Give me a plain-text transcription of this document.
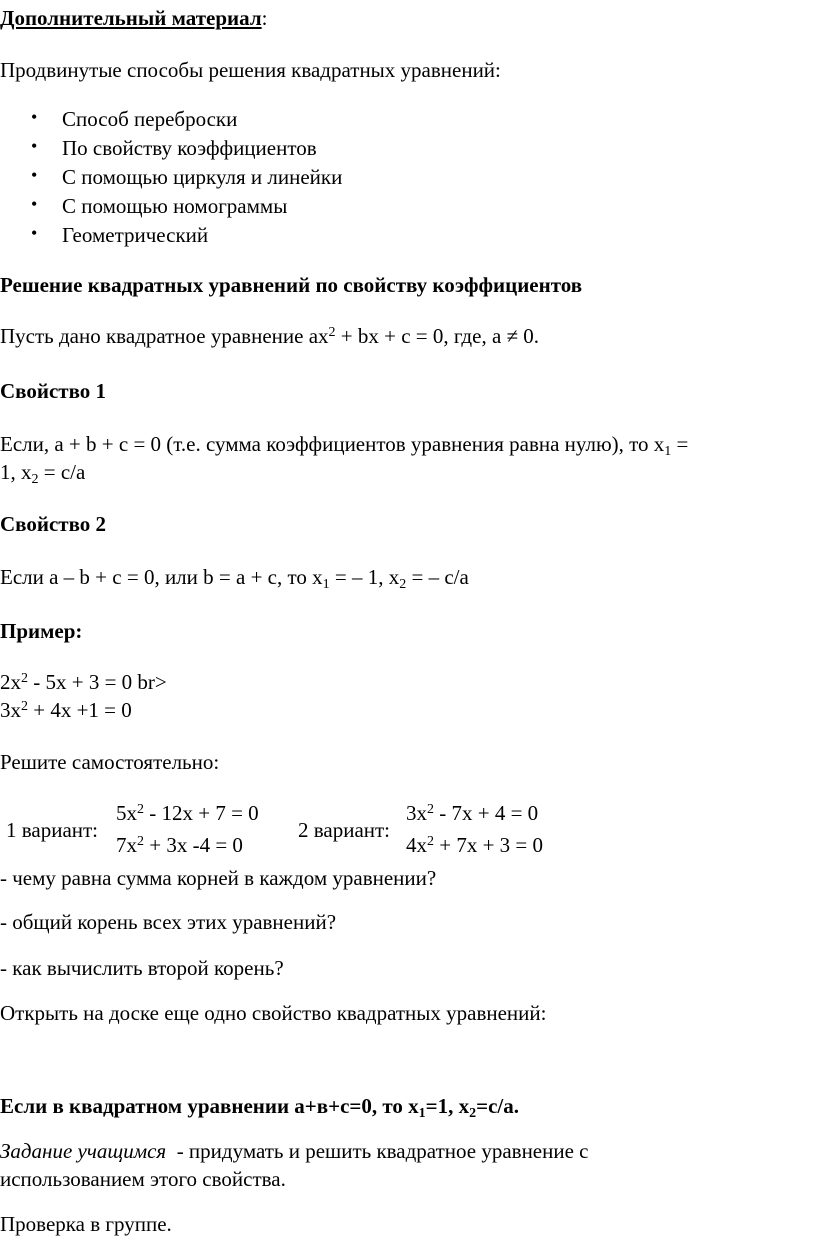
Дополнительный материал:
Продвинутые способы решения квадратных уравнений:
• Способ переброски
• По свойству коэффициентов
• С помощью циркуля и линейки
• С помощью номограммы
• Геометрический
Решение квадратных уравнений по свойству коэффициентов
Пусть дано квадратное уравнение $ах^2$ + bх + с = 0, где, а ≠ 0.
Свойство 1
Если, а + b + с = 0 (т.е. сумма коэффициентов уравнения равна нулю), то $х_1$ =
1, $х_2 = с/а$
Свойство 2
Если а – b + c = 0, или b = a + c, то $х_1$ = – 1, $х_2$ = – с/a
Пример:
$2x^2 - 5x + 3 = 0$ br>
$3x^2 + 4x +1 = 0$
Решите самостоятельно:
1 вариант:
$5x^2 - 12x + 7 = 0$
$7x^2 + 3x$ -4 = 0
2 вариант:
$3x^2 - 7x + 4 = 0$
$4x^2 + 7x + 3 = 0$
- чему равна сумма корней в каждом уравнении?
- общий корень всех этих уравнений?
- как вычислить второй корень?
Открыть на доске еще одно свойство квадратных уравнений:
Если в квадратном уравнении а+в+с=0, то $х_1=1$, $х_2=с/а$.
Задание учащимся  - придумать и решить квадратное уравнение с
использованием этого свойства.
Проверка в группе.
